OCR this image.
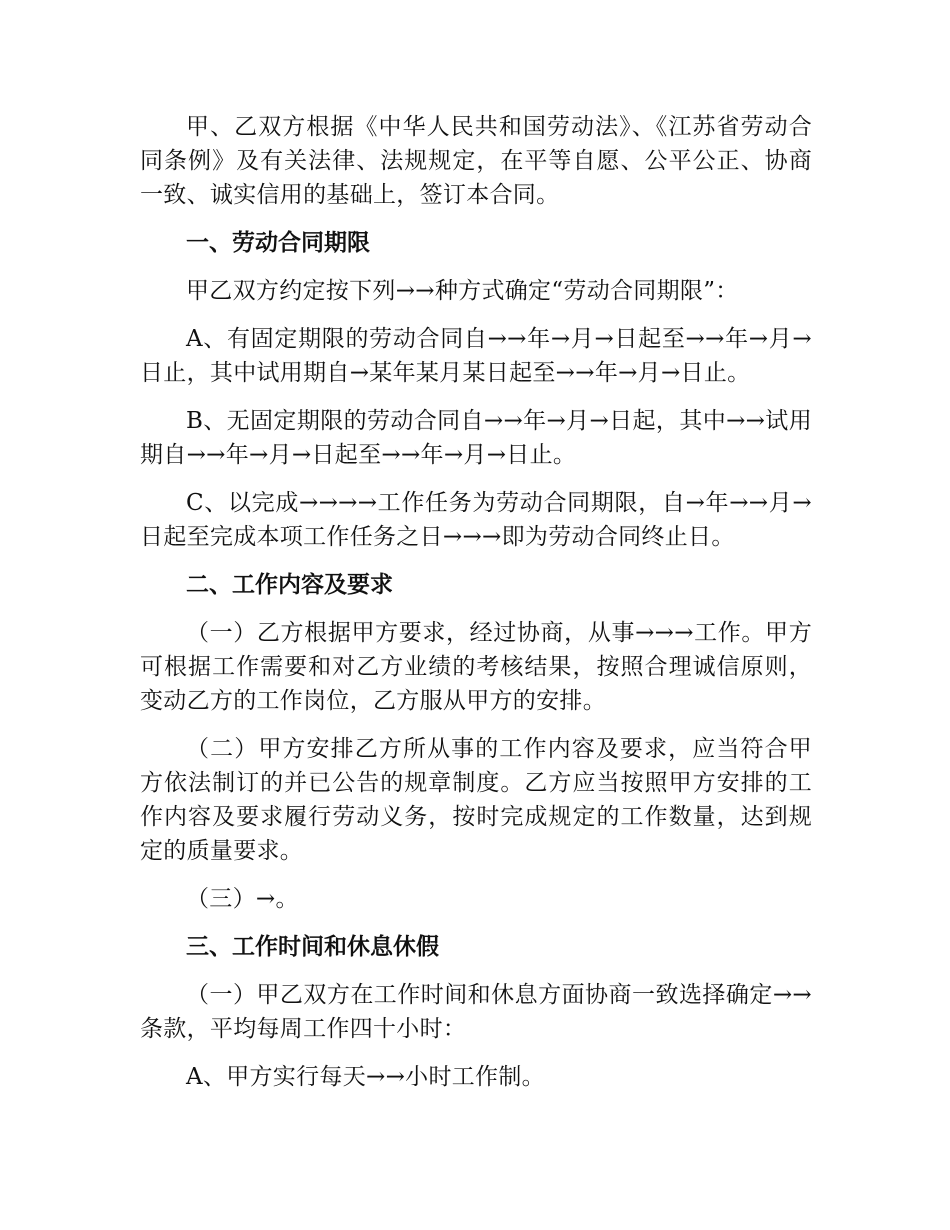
甲、乙双方根据《中华人民共和国劳动法》、《江苏省劳动合同条例》及有关法律、法规规定，在平等自愿、公平公正、协商一致、诚实信用的基础上，签订本合同。

一、劳动合同期限

甲乙双方约定按下列→→种方式确定“劳动合同期限”：

A、有固定期限的劳动合同自→→年→月→日起至→→年→月→日止，其中试用期自→某年某月某日起至→→年→月→日止。

B、无固定期限的劳动合同自→→年→月→日起，其中→→试用期自→→年→月→日起至→→年→月→日止。

C、以完成→→→→工作任务为劳动合同期限，自→年→→月→日起至完成本项工作任务之日→→→即为劳动合同终止日。

二、工作内容及要求

（一）乙方根据甲方要求，经过协商，从事→→→工作。甲方可根据工作需要和对乙方业绩的考核结果，按照合理诚信原则，变动乙方的工作岗位，乙方服从甲方的安排。

（二）甲方安排乙方所从事的工作内容及要求，应当符合甲方依法制订的并已公告的规章制度。乙方应当按照甲方安排的工作内容及要求履行劳动义务，按时完成规定的工作数量，达到规定的质量要求。

（三）→。

三、工作时间和休息休假

（一）甲乙双方在工作时间和休息方面协商一致选择确定→→条款，平均每周工作四十小时：

A、甲方实行每天→→小时工作制。
